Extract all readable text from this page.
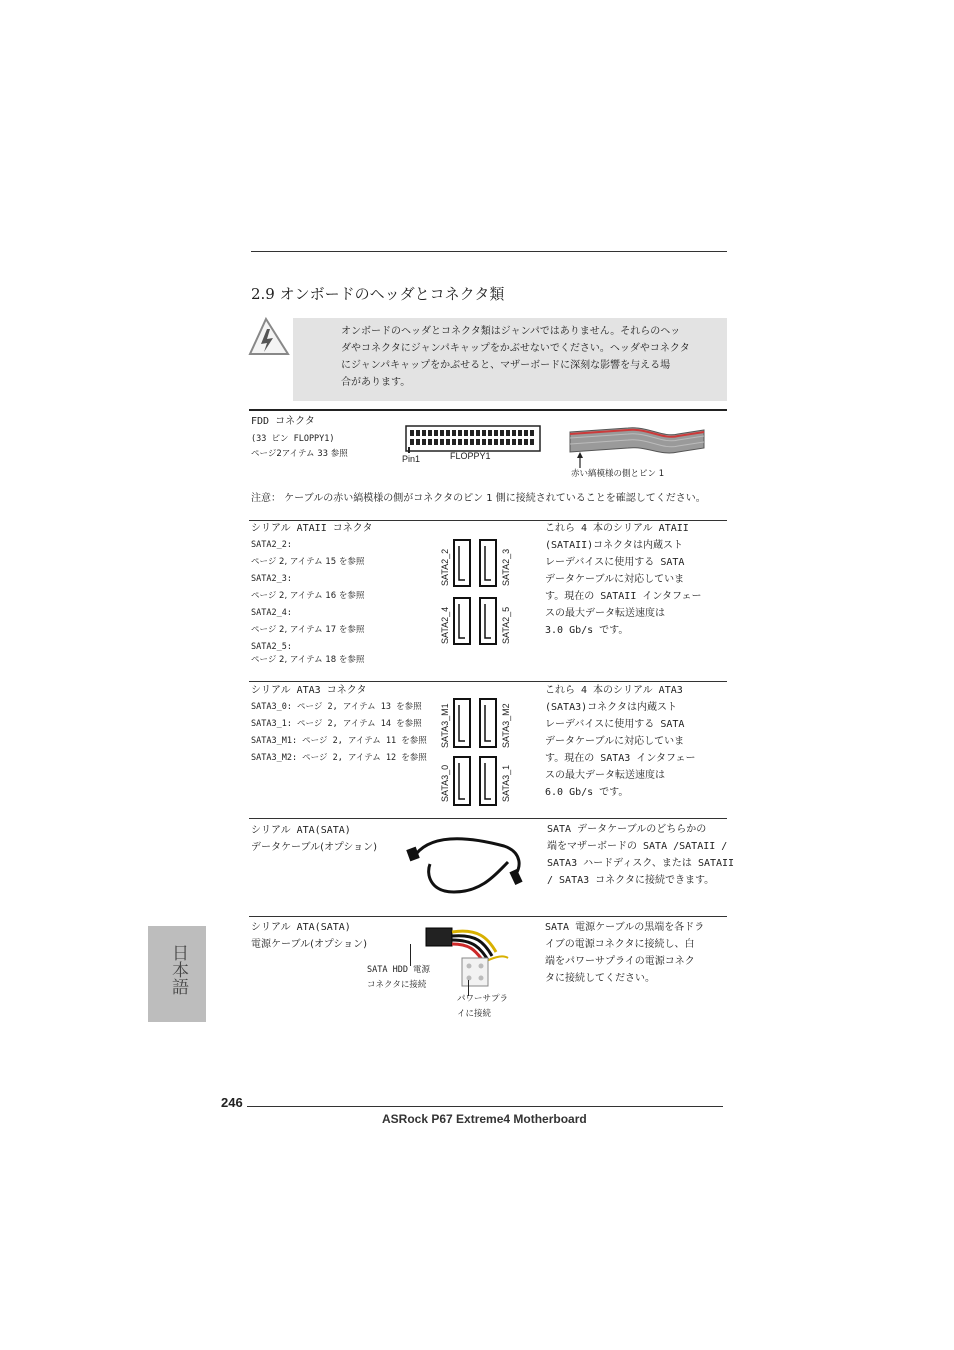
2.9 オンボードのヘッダとコネクタ類
オンボードのヘッダとコネクタ類はジャンパではありません。それらのヘッ
ダやコネクタにジャンパキャップをかぶせないでください。ヘッダやコネクタ
にジャンパキャップをかぶせると、マザーボードに深刻な影響を与える場
合があります。
FDD コネクタ
(33 ピン FLOPPY1)
ページ2アイテム 33 参照	Pin1	FLOPPY1
赤い縞模様の側とピン 1
注意： ケーブルの赤い縞模様の側がコネクタのピン 1 側に接続されていることを確認してください。
シリアル ATAII コネクタ
SATA2_2:
ページ 2, アイテム 15 を参照
SATA2_3:
ページ 2, アイテム 16 を参照
SATA2_4:
ページ 2, アイテム 17 を参照
SATA2_5:
ページ 2, アイテム 18 を参照
SATA2_2	SATA2_3
SATA2_4	SATA2_5
これら 4 本のシリアル ATAII
(SATAII)コネクタは内蔵スト
レーデバイスに使用する SATA
データケーブルに対応していま
す。現在の SATAII インタフェー
スの最大データ転送速度は
3.0 Gb/s です。
シリアル ATA3 コネクタ
SATA3_0: ページ 2, アイテム 13 を参照
SATA3_1: ページ 2, アイテム 14 を参照
SATA3_M1: ページ 2, アイテム 11 を参照
SATA3_M2: ページ 2, アイテム 12 を参照
SATA3_M1	SATA3_M2
SATA3_0	SATA3_1
これら 4 本のシリアル ATA3
(SATA3)コネクタは内蔵スト
レーデバイスに使用する SATA
データケーブルに対応していま
す。現在の SATA3 インタフェー
スの最大データ転送速度は
6.0 Gb/s です。
シリアル ATA(SATA)
データケーブル(オプション)
SATA データケーブルのどちらかの
端をマザーボードの SATA /SATAII /
SATA3 ハードディスク、または SATAII
/ SATA3 コネクタに接続できます。
シリアル ATA(SATA)
電源ケーブル(オプション)
SATA HDD 電源
コネクタに接続
パワーサプラ
イに接続
SATA 電源ケーブルの黒端を各ドラ
イブの電源コネクタに接続し、白
端をパワーサプライの電源コネク
タに接続してください。
日本語
246
ASRock P67 Extreme4 Motherboard
